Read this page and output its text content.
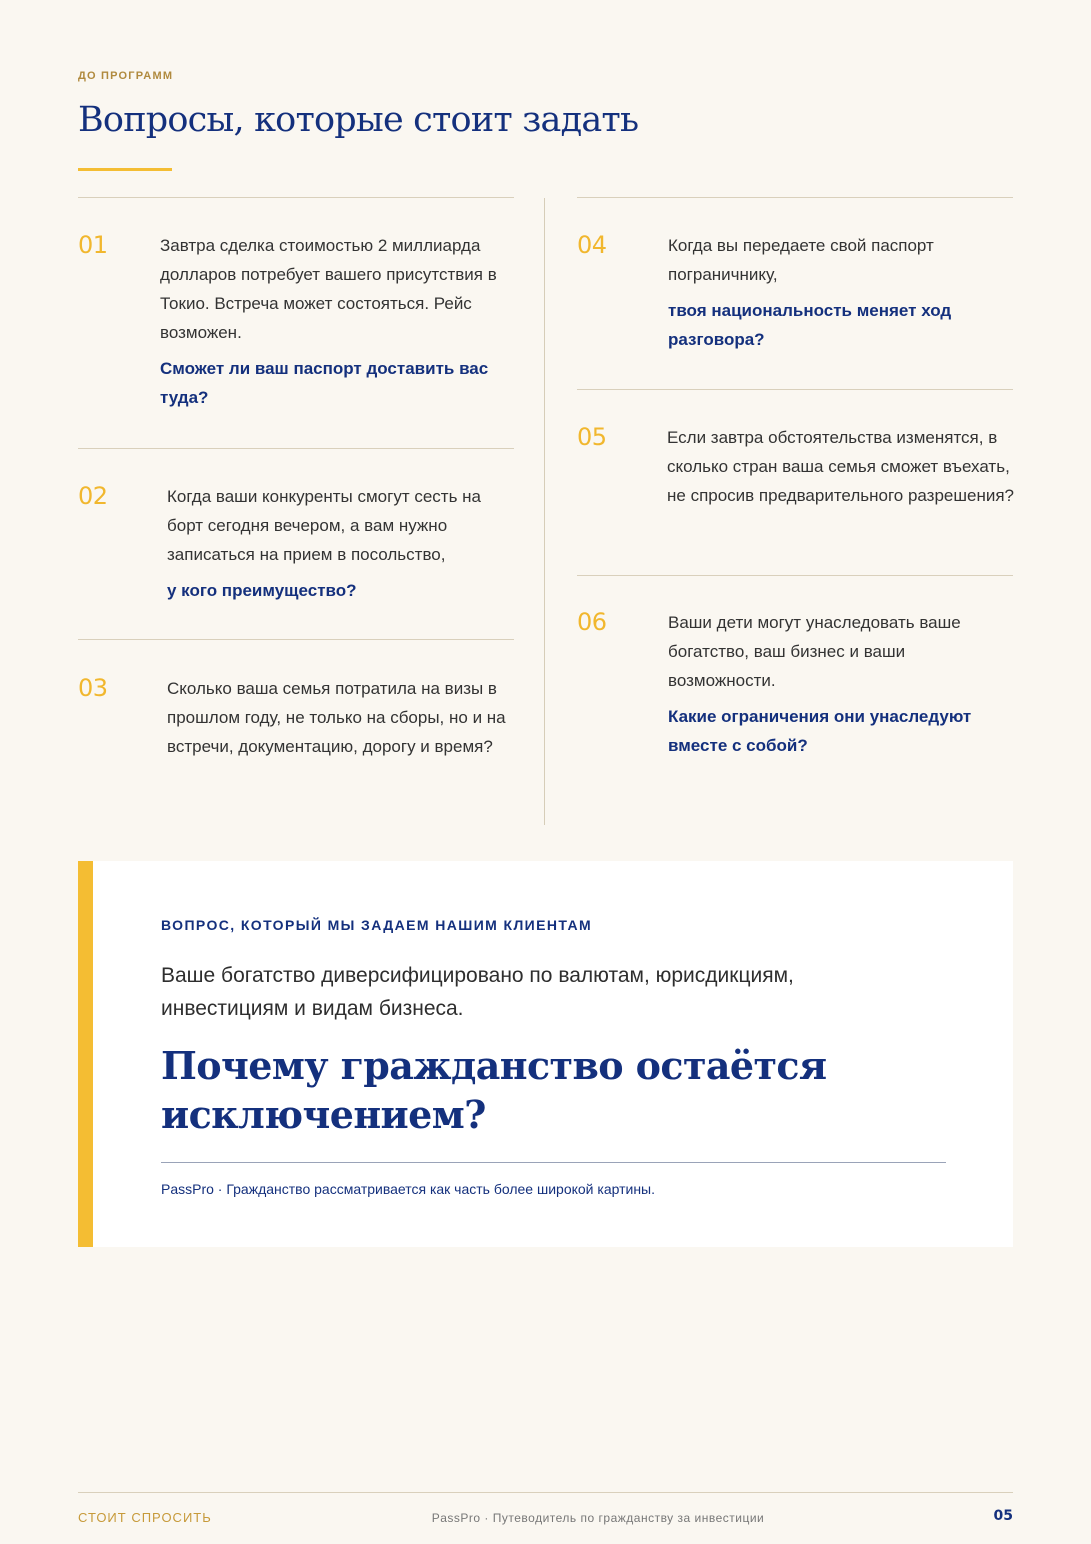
ДО ПРОГРАММ
Вопросы, которые стоит задать
01	Завтра сделка стоимостью 2 миллиарда долларов потребует вашего присутствия в Токио. Встреча может состояться. Рейс возможен.

Сможет ли ваш паспорт доставить вас туда?

02	Когда ваши конкуренты смогут сесть на борт сегодня вечером, а вам нужно записаться на прием в посольство,

у кого преимущество?

03	Сколько ваша семья потратила на визы в прошлом году, не только на сборы, но и на встречи, документацию, дорогу и время?

04	Когда вы передаете свой паспорт пограничнику,

твоя национальность меняет ход разговора?

05	Если завтра обстоятельства изменятся, в сколько стран ваша семья сможет въехать, не спросив предварительного разрешения?

06	Ваши дети могут унаследовать ваше богатство, ваш бизнес и ваши возможности.

Какие ограничения они унаследуют вместе с собой?

ВОПРОС, КОТОРЫЙ МЫ ЗАДАЕМ НАШИМ КЛИЕНТАМ
Ваше богатство диверсифицировано по валютам, юрисдикциям, инвестициям и видам бизнеса.
Почему гражданство остаётся исключением?
PassPro · Гражданство рассматривается как часть более широкой картины.
СТОИТ СПРОСИТЬ	PassPro · Путеводитель по гражданству за инвестиции	05
